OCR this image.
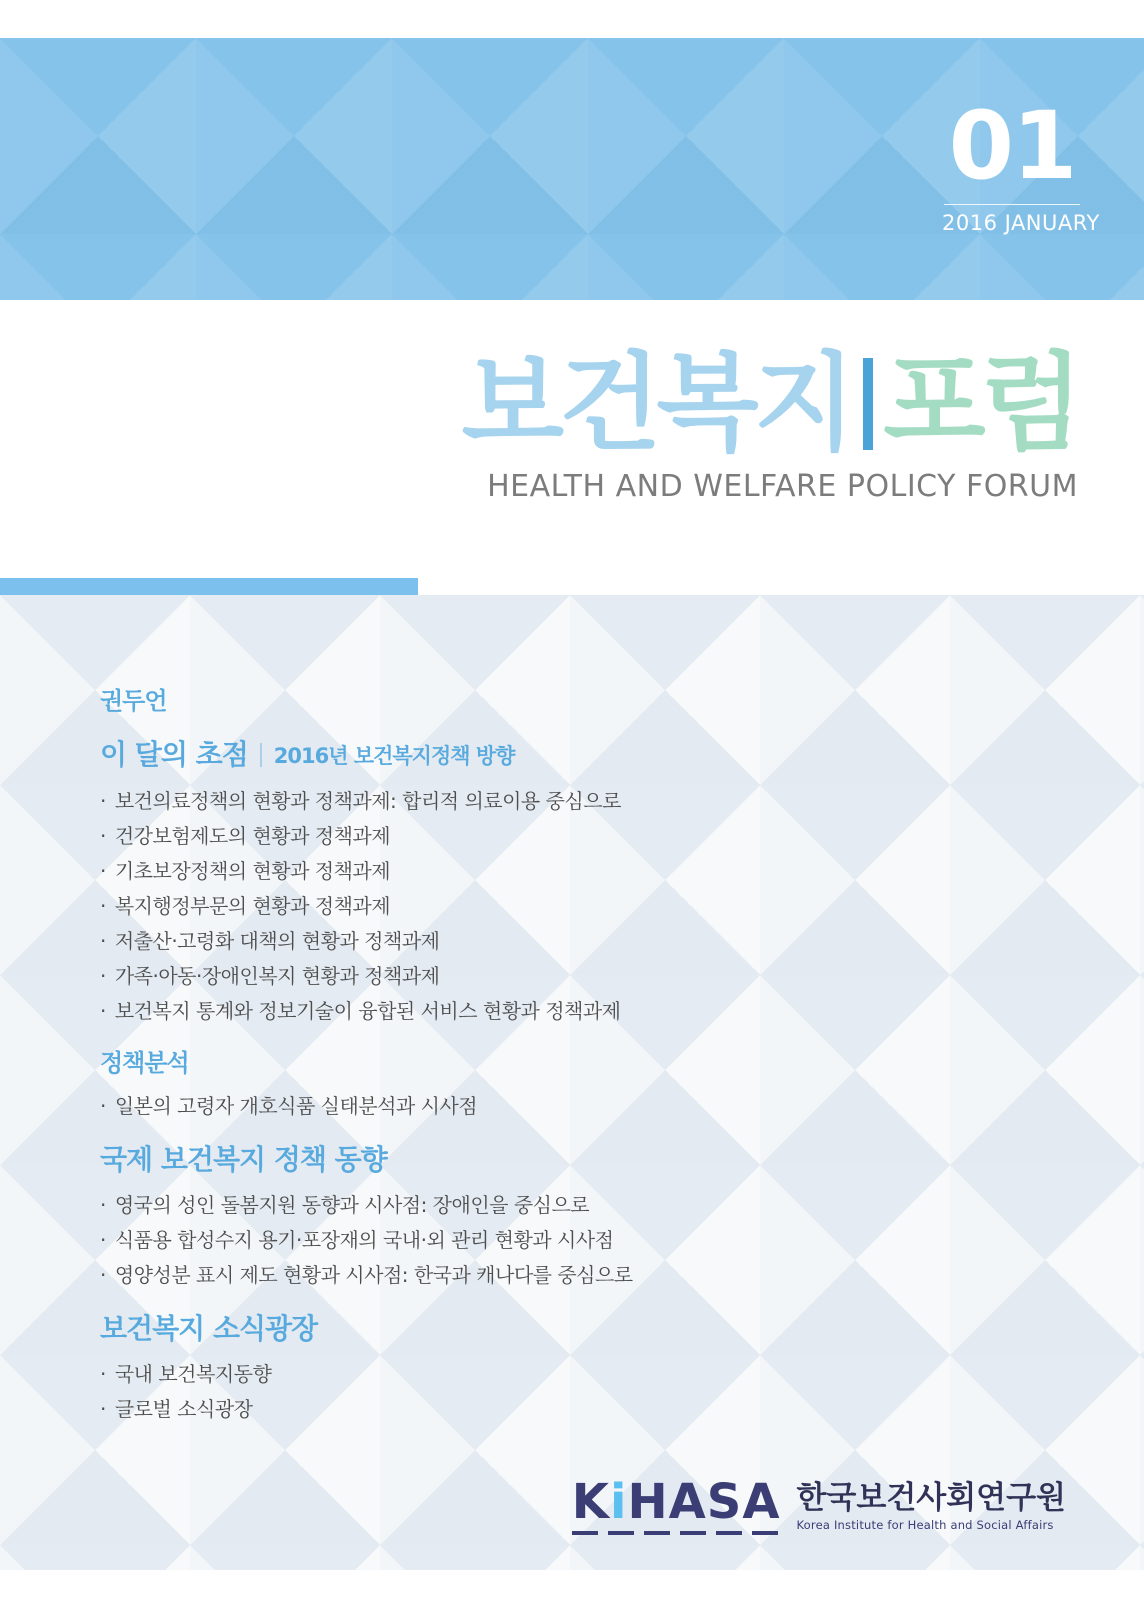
01
2016 JANUARY
보건복지 포럼
HEALTH AND WELFARE POLICY FORUM
권두언
이 달의 초점 2016년 보건복지정책 방향
· 보건의료정책의 현황과 정책과제: 합리적 의료이용 중심으로
· 건강보험제도의 현황과 정책과제
· 기초보장정책의 현황과 정책과제
· 복지행정부문의 현황과 정책과제
· 저출산·고령화 대책의 현황과 정책과제
· 가족·아동·장애인복지 현황과 정책과제
· 보건복지 통계와 정보기술이 융합된 서비스 현황과 정책과제
정책분석
· 일본의 고령자 개호식품 실태분석과 시사점
국제 보건복지 정책 동향
· 영국의 성인 돌봄지원 동향과 시사점: 장애인을 중심으로
· 식품용 합성수지 용기·포장재의 국내·외 관리 현황과 시사점
· 영양성분 표시 제도 현황과 시사점: 한국과 캐나다를 중심으로
보건복지 소식광장
· 국내 보건복지동향
· 글로벌 소식광장
KiHASA 한국보건사회연구원
Korea Institute for Health and Social Affairs
